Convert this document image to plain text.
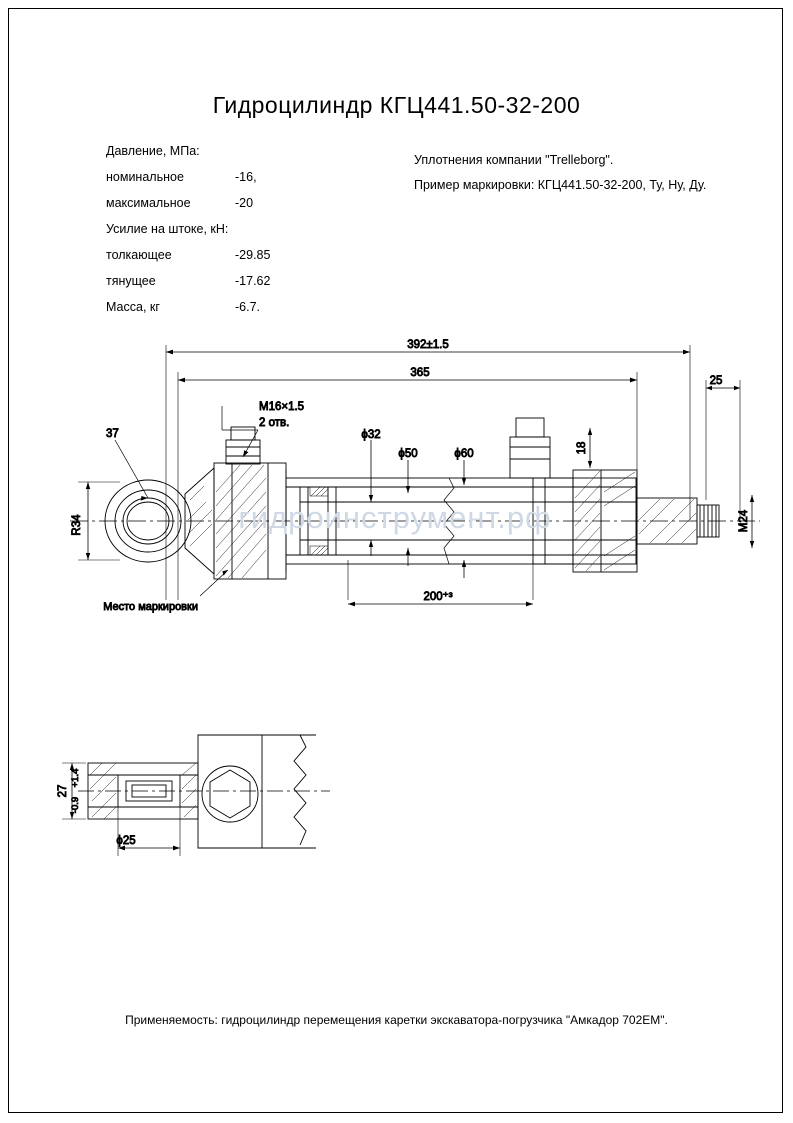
Гидроцилиндр КГЦ441.50-32-200
Давление, МПа:
номинальное	-16,
максимальное	-20
Усилие на штоке, кН:
толкающее	-29.85
тянущее	-17.62
Масса, кг	-6.7.
Уплотнения компании "Trelleborg".
Пример маркировки: КГЦ441.50-32-200, Ту, Ну, Ду.
392±1.5
365
25
200⁺³
R34	M24
18
ϕ32
ϕ50	ϕ60
37
M16×1.5
2 отв.
Место маркировки
27
+1.4
-0.9
ϕ25
гидроинструмент.рф
Применяемость: гидроцилиндр перемещения каретки экскаватора-погрузчика "Амкадор 702ЕМ".
